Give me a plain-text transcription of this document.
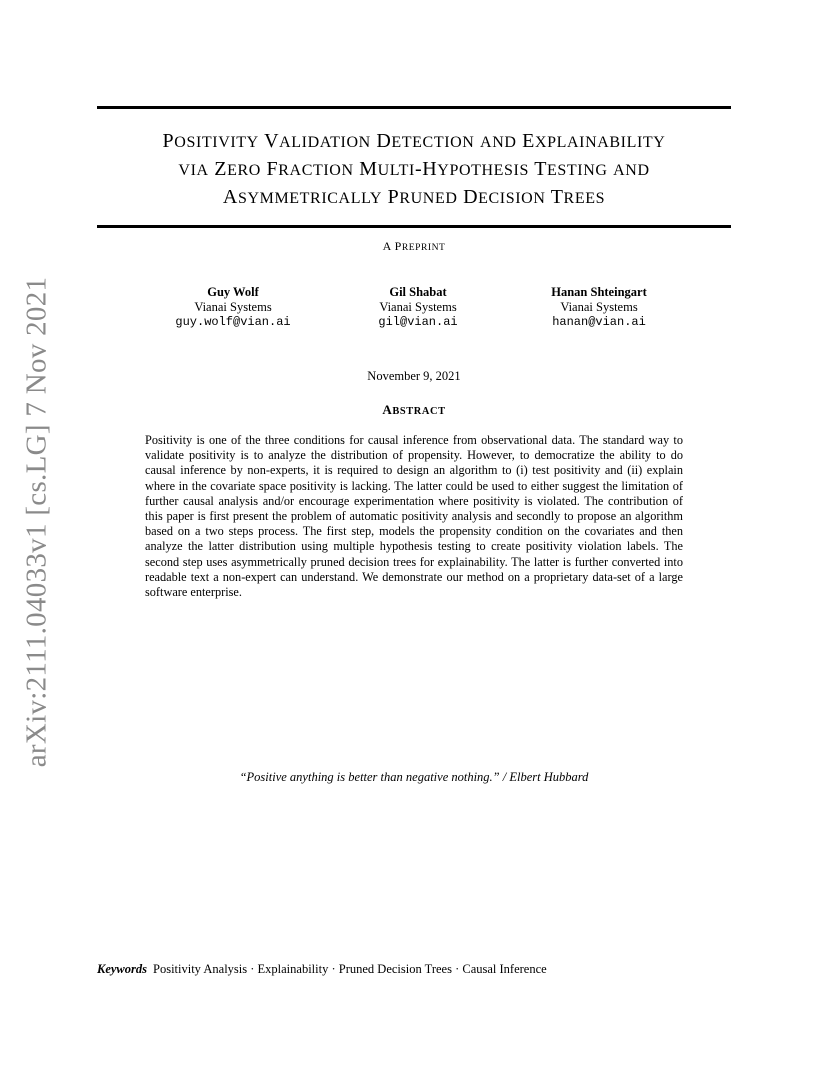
POSITIVITY VALIDATION DETECTION AND EXPLAINABILITY
VIA ZERO FRACTION MULTI-HYPOTHESIS TESTING AND
ASYMMETRICALLY PRUNED DECISION TREES
A PREPRINT
Guy Wolf
Vianai Systems
guy.wolf@vian.ai
Gil Shabat
Vianai Systems
gil@vian.ai
Hanan Shteingart
Vianai Systems
hanan@vian.ai
November 9, 2021
ABSTRACT
Positivity is one of the three conditions for causal inference from observational data. The standard way to validate positivity is to analyze the distribution of propensity. However, to democratize the ability to do causal inference by non-experts, it is required to design an algorithm to (i) test positivity and (ii) explain where in the covariate space positivity is lacking. The latter could be used to either suggest the limitation of further causal analysis and/or encourage experimentation where positivity is violated. The contribution of this paper is first present the problem of automatic positivity analysis and secondly to propose an algorithm based on a two steps process. The first step, models the propensity condition on the covariates and then analyze the latter distribution using multiple hypothesis testing to create positivity violation labels. The second step uses asymmetrically pruned decision trees for explainability. The latter is further converted into readable text a non-expert can understand. We demonstrate our method on a proprietary data-set of a large software enterprise.
“Positive anything is better than negative nothing.” / Elbert Hubbard
Keywords Positivity Analysis · Explainability · Pruned Decision Trees · Causal Inference
arXiv:2111.04033v1 [cs.LG] 7 Nov 2021
